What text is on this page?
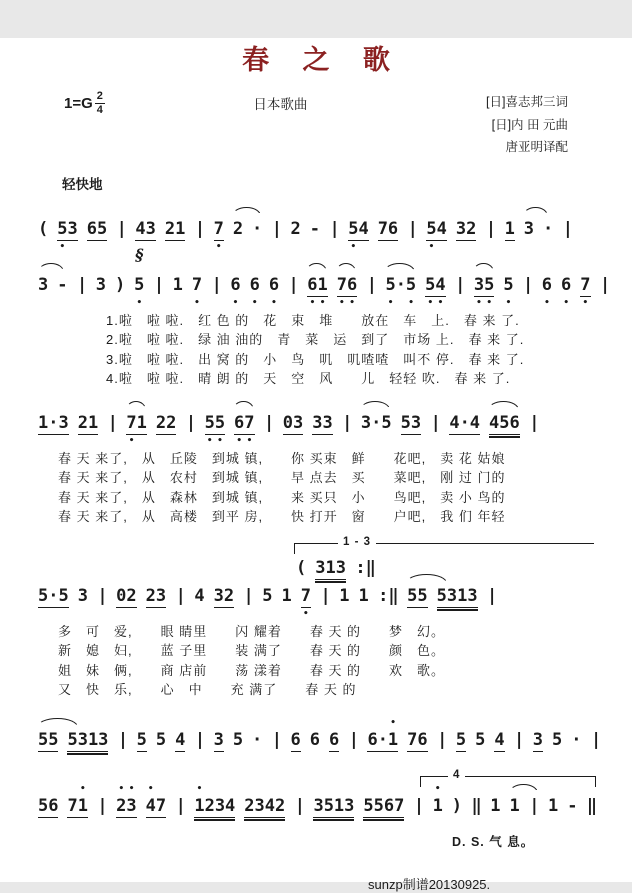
春 之 歌
$1=G \frac{2}{4}$	日本歌曲	[日]喜志邦三词
[日]内 田 元曲
唐亚明译配
轻快地
( 5 3
•
6 5 | 4 3 2 1 | 7
•
2 · | 2 - | 5 4
•
7 6 | 5 4
•
3 2 | 1 3 · |
3 - | 3 ) 5
•
§
| 1 7
•
| 6
•
6
•
6
•
| 6 1
• •
7 6
• •
| 5 · 5
• •
5 4
• •
| 3 5
• •
5
•
| 6
•
6
•
7
•
|
1.啦　啦 啦.　红 色 的　花　束　堆　　放在　车　上.　春 来 了.
2.啦　啦 啦.　绿 油 油的　青　菜　运　到了　市场 上.　春 来 了.
3.啦　啦 啦.　出 窝 的　小　鸟　叽　叽喳喳　叫不 停.　春 来 了.
4.啦　啦 啦.　晴 朗 的　天　空　风　　儿　轻轻 吹.　春 来 了.
1 · 3 2 1 | 7 1
•
2 2 | 5 5
• •
6 7
• •
| 0 3 3 3 | 3 · 5 5 3 | 4 · 4 4 5 6 |
春 天 来了,　从　丘陵　到城 镇,　　你 买束　鲜　　花吧,　卖 花 姑娘
春 天 来了,　从　农村　到城 镇,　　早 点去　买　　菜吧,　刚 过 门的
春 天 来了,　从　森林　到城 镇,　　来 买只　小　　鸟吧,　卖 小 鸟的
春 天 来了,　从　高楼　到平 房,　　快 打开　窗　　户吧,　我 们 年轻
1 - 3
( 3 1 3 : ‖
5 · 5 3 | 0 2 2 3 | 4 3 2 | 5 1 7
•
| 1 1 : ‖ 5 5 5 3 1 3 |
多　可　爱,　　眼 睛里　　闪 耀着　　春 天 的　　梦　幻。
新　媳　妇,　　蓝 子里　　装 满了　　春 天 的　　颜　色。
姐　妹　俩,　　商 店前　　荡 漾着　　春 天 的　　欢　歌。
又　快　乐,　　心　中　　充 满了　　春 天 的
5 5 5 3 1 3 | 5 5 4 | 3 5 · | 6 6 6 | 6 · 1
•
7 6 | 5 5 4 | 3 5 · |
4
5 6 7 1
•
| 2 3
• •
4 7
•
| 1 2 3 4
•
2 3 4 2 | 3 5 1 3 5 5 6 7 | 1
•
) ‖ 1 1 | 1 - ‖
D. S. 气 息。
sunzp制谱20130925.
